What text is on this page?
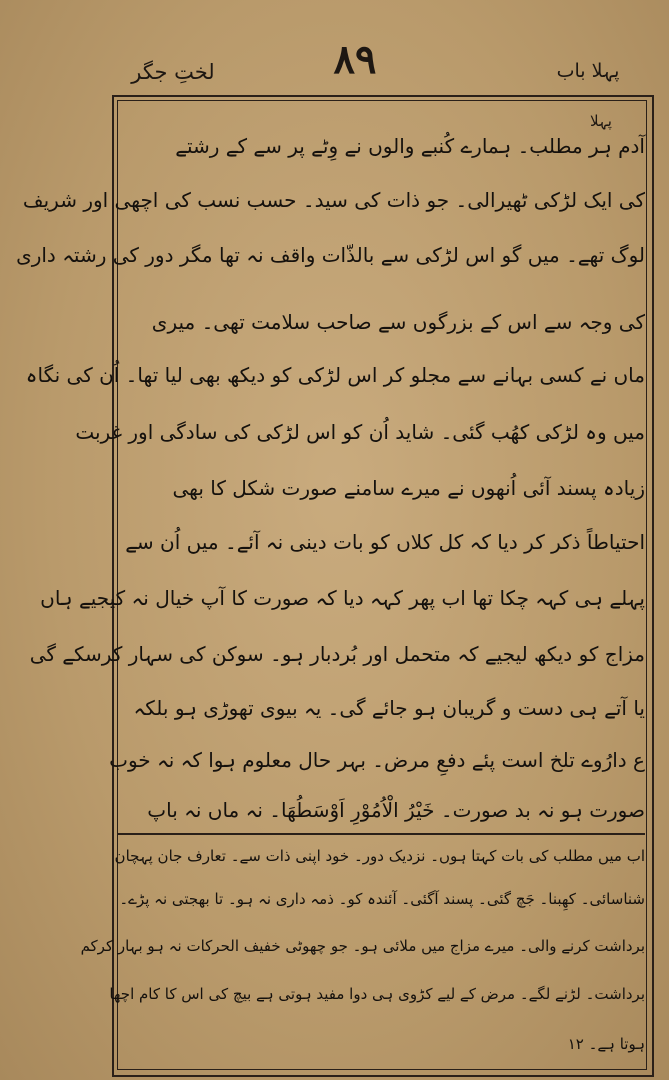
۸۹
لختِ جگر	پہلا باب
پہلا
آدم ہر مطلب۔ ہمارے کُنبے والوں نے وِٹے پر سے کے رشتے
کی ایک لڑکی ٹھیرالی۔ جو ذات کی سید۔ حسب نسب کی اچھی اور شریف
لوگ تھے۔ میں گو اس لڑکی سے بالذّات واقف نہ تھا مگر دور کی رشتہ داری
کی وجہ سے اس کے بزرگوں سے صاحب سلامت تھی۔ میری
ماں نے کسی بہانے سے مجلو کر اس لڑکی کو دیکھ بھی لیا تھا۔ اُن کی نگاہ
میں وہ لڑکی کھُب گئی۔ شاید اُن کو اس لڑکی کی سادگی اور غربت
زیادہ پسند آئی اُنھوں نے میرے سامنے صورت شکل کا بھی
احتیاطاً ذکر کر دیا کہ کل کلاں کو بات دینی نہ آئے۔ میں اُن سے
پہلے ہی کہہ چکا تھا اب پھر کہہ دیا کہ صورت کا آپ خیال نہ کیجیے ہاں
مزاج کو دیکھ لیجیے کہ متحمل اور بُردبار ہو۔ سوکن کی سہار کرسکے گی
یا آتے ہی دست و گریبان ہو جائے گی۔ یہ بیوی تھوڑی ہو بلکہ
ع دارُوے تلخ است پئے دفعِ مرض۔ بہر حال معلوم ہوا کہ نہ خوب
صورت ہو نہ بد صورت۔ خَیْرُ الْاُمُوْرِ اَوْسَطُھَا۔ نہ ماں نہ باپ
اب میں مطلب کی بات کہتا ہوں۔ نزدیک دور۔ خود اپنی ذات سے۔ تعارف جان پہچان
شناسائی۔ کھِبنا۔ جَچ گئی۔ پسند آگئی۔ آئندہ کو۔ ذمہ داری نہ ہو۔ تا بھجتی نہ پڑے۔
برداشت کرنے والی۔ میرے مزاج میں ملائی ہو۔ جو چھوٹی خفیف الحرکات نہ ہو بہار کرکم
برداشت۔ لڑنے لگے۔ مرض کے لیے کڑوی ہی دوا مفید ہوتی ہے بیچ کی اس کا کام اچھا
ہوتا ہے۔ ۱۲
